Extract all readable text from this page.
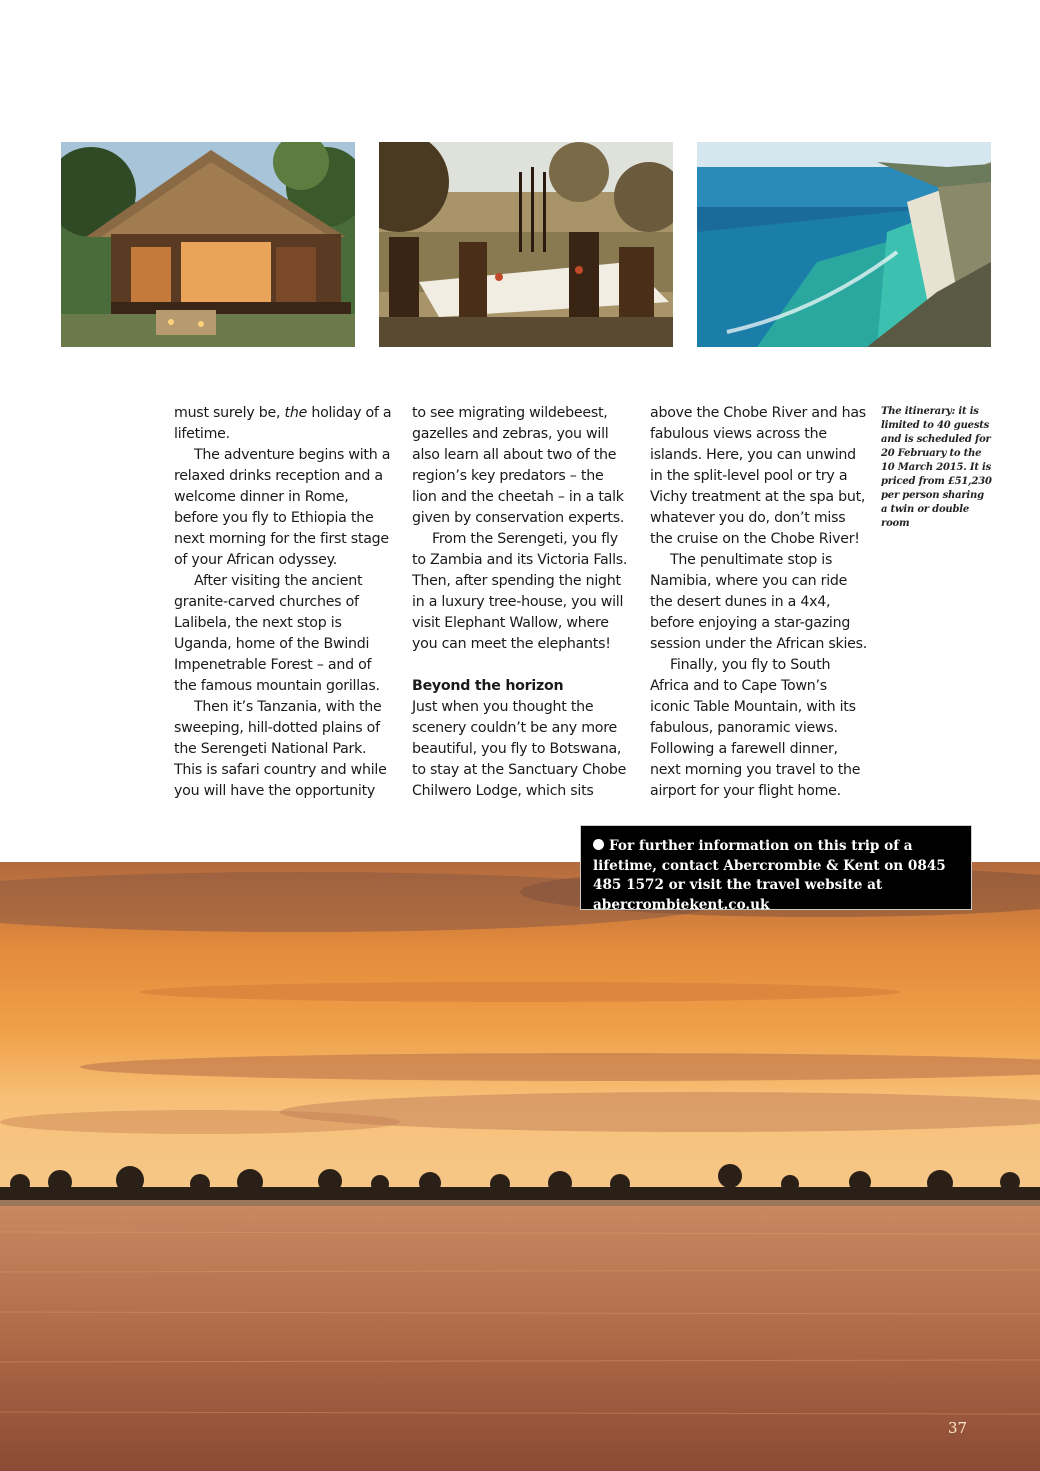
must surely be, the holiday of a lifetime.

The adventure begins with a relaxed drinks reception and a welcome dinner in Rome, before you fly to Ethiopia the next morning for the first stage of your African odyssey.

After visiting the ancient granite-carved churches of Lalibela, the next stop is Uganda, home of the Bwindi Impenetrable Forest – and of the famous mountain gorillas.

Then it’s Tanzania, with the sweeping, hill-dotted plains of the Serengeti National Park. This is safari country and while you will have the opportunity

to see migrating wildebeest, gazelles and zebras, you will also learn all about two of the region’s key predators – the lion and the cheetah – in a talk given by conservation experts.

From the Serengeti, you fly to Zambia and its Victoria Falls. Then, after spending the night in a luxury tree-house, you will visit Elephant Wallow, where you can meet the elephants!

Beyond the horizon

Just when you thought the scenery couldn’t be any more beautiful, you fly to Botswana, to stay at the Sanctuary Chobe Chilwero Lodge, which sits

above the Chobe River and has fabulous views across the islands. Here, you can unwind in the split-level pool or try a Vichy treatment at the spa but, whatever you do, don’t miss the cruise on the Chobe River!

The penultimate stop is Namibia, where you can ride the desert dunes in a 4x4, before enjoying a star-gazing session under the African skies.

Finally, you fly to South Africa and to Cape Town’s iconic Table Mountain, with its fabulous, panoramic views. Following a farewell dinner, next morning you travel to the airport for your flight home.

The itinerary: it is limited to 40 guests and is scheduled for 20 February to the 10 March 2015. It is priced from £51,230 per person sharing a twin or double room
For further information on this trip of a lifetime, contact Abercrombie & Kent on 0845 485 1572 or visit the travel website at abercrombiekent.co.uk
37
